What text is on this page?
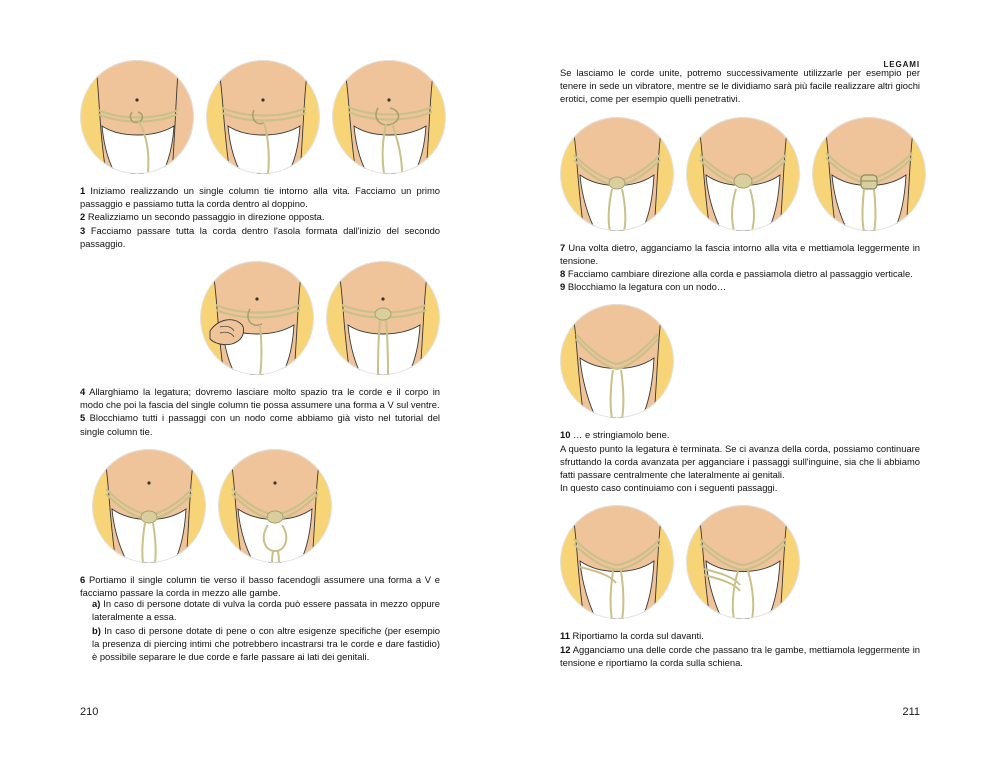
1 Iniziamo realizzando un single column tie intorno alla vita. Facciamo un primo passaggio e passiamo tutta la corda dentro al doppino.
2 Realizziamo un secondo passaggio in direzione opposta.
3 Facciamo passare tutta la corda dentro l'asola formata dall'inizio del secondo passaggio.

4 Allarghiamo la legatura; dovremo lasciare molto spazio tra le corde e il corpo in modo che poi la fascia del single column tie possa assumere una forma a V sul ventre.
5 Blocchiamo tutti i passaggi con un nodo come abbiamo già visto nel tutorial del single column tie.

6 Portiamo il single column tie verso il basso facendogli assumere una forma a V e facciamo passare la corda in mezzo alle gambe.

a) In caso di persone dotate di vulva la corda può essere passata in mezzo oppure lateralmente a essa.
b) In caso di persone dotate di pene o con altre esigenze specifiche (per esempio la presenza di piercing intimi che potrebbero incastrarsi tra le corde e dare fastidio) è possibile separare le due corde e farle passare ai lati dei genitali.

210
LEGAMI

Se lasciamo le corde unite, potremo successivamente utilizzarle per esempio per tenere in sede un vibratore, mentre se le dividiamo sarà più facile realizzare altri giochi erotici, come per esempio quelli penetrativi.

7 Una volta dietro, agganciamo la fascia intorno alla vita e mettiamola leggermente in tensione.
8 Facciamo cambiare direzione alla corda e passiamola dietro al passaggio verticale.
9 Blocchiamo la legatura con un nodo…

10 … e stringiamolo bene.

A questo punto la legatura è terminata. Se ci avanza della corda, possiamo continuare sfruttando la corda avanzata per agganciare i passaggi sull'inguine, sia che li abbiamo fatti passare centralmente che lateralmente ai genitali.
In questo caso continuiamo con i seguenti passaggi.

11 Riportiamo la corda sul davanti.
12 Agganciamo una delle corde che passano tra le gambe, mettiamola leggermente in tensione e riportiamo la corda sulla schiena.

211
